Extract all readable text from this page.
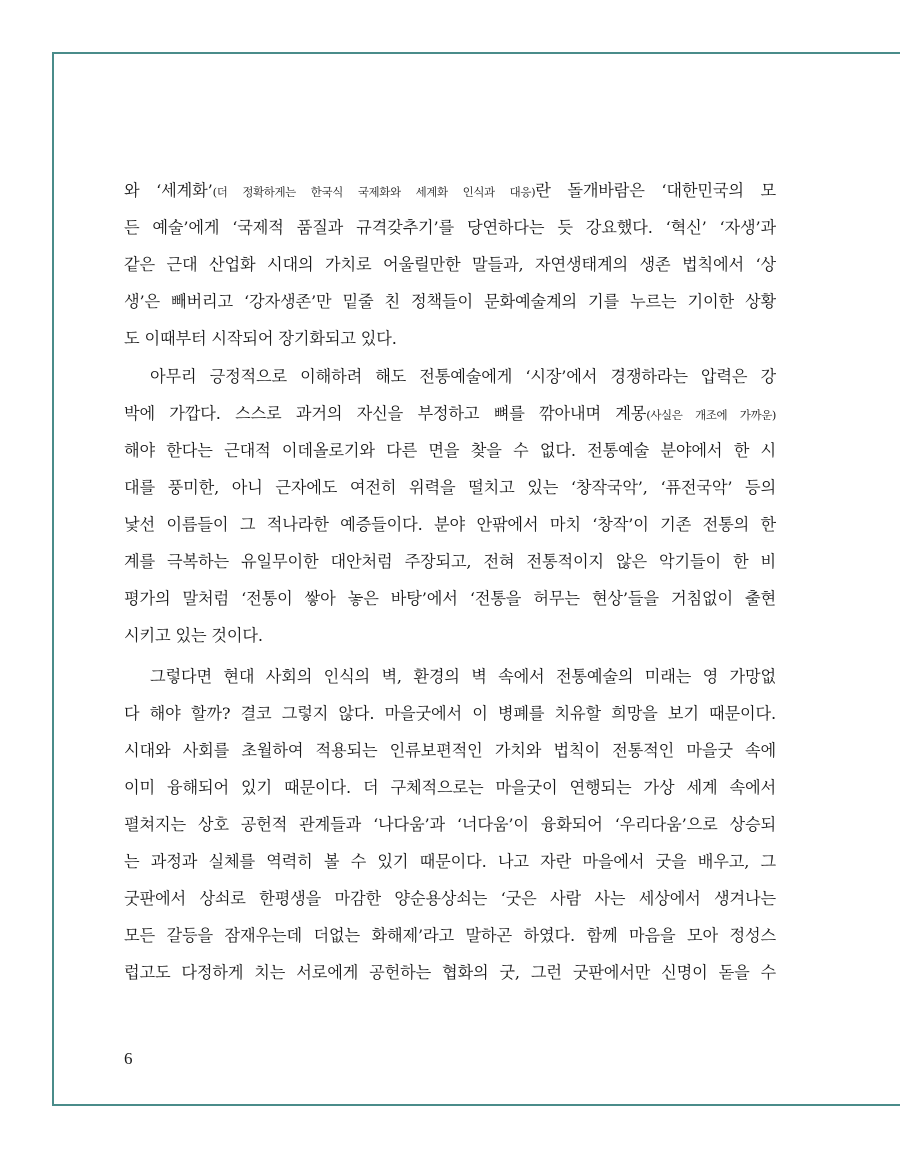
와 ‘세계화’(더 정확하게는 한국식 국제화와 세계화 인식과 대응)란 돌개바람은 ‘대한민국의 모
든 예술’에게 ‘국제적 품질과 규격갖추기’를 당연하다는 듯 강요했다. ‘혁신’ ‘자생’과
같은 근대 산업화 시대의 가치로 어울릴만한 말들과, 자연생태계의 생존 법칙에서 ‘상
생’은 빼버리고 ‘강자생존’만 밑줄 친 정책들이 문화예술계의 기를 누르는 기이한 상황
도 이때부터 시작되어 장기화되고 있다.
아무리 긍정적으로 이해하려 해도 전통예술에게 ‘시장’에서 경쟁하라는 압력은 강
박에 가깝다. 스스로 과거의 자신을 부정하고 뼈를 깎아내며 계몽(사실은 개조에 가까운)
해야 한다는 근대적 이데올로기와 다른 면을 찾을 수 없다. 전통예술 분야에서 한 시
대를 풍미한, 아니 근자에도 여전히 위력을 떨치고 있는 ‘창작국악’, ‘퓨전국악’ 등의
낯선 이름들이 그 적나라한 예증들이다. 분야 안팎에서 마치 ‘창작’이 기존 전통의 한
계를 극복하는 유일무이한 대안처럼 주장되고, 전혀 전통적이지 않은 악기들이 한 비
평가의 말처럼 ‘전통이 쌓아 놓은 바탕’에서 ‘전통을 허무는 현상’들을 거침없이 출현
시키고 있는 것이다.
그렇다면 현대 사회의 인식의 벽, 환경의 벽 속에서 전통예술의 미래는 영 가망없
다 해야 할까? 결코 그렇지 않다. 마을굿에서 이 병폐를 치유할 희망을 보기 때문이다.
시대와 사회를 초월하여 적용되는 인류보편적인 가치와 법칙이 전통적인 마을굿 속에
이미 융해되어 있기 때문이다. 더 구체적으로는 마을굿이 연행되는 가상 세계 속에서
펼쳐지는 상호 공헌적 관계들과 ‘나다움’과 ‘너다움’이 융화되어 ‘우리다움’으로 상승되
는 과정과 실체를 역력히 볼 수 있기 때문이다. 나고 자란 마을에서 굿을 배우고, 그
굿판에서 상쇠로 한평생을 마감한 양순용상쇠는 ‘굿은 사람 사는 세상에서 생겨나는
모든 갈등을 잠재우는데 더없는 화해제’라고 말하곤 하였다. 함께 마음을 모아 정성스
럽고도 다정하게 치는 서로에게 공헌하는 협화의 굿, 그런 굿판에서만 신명이 돋을 수
6
